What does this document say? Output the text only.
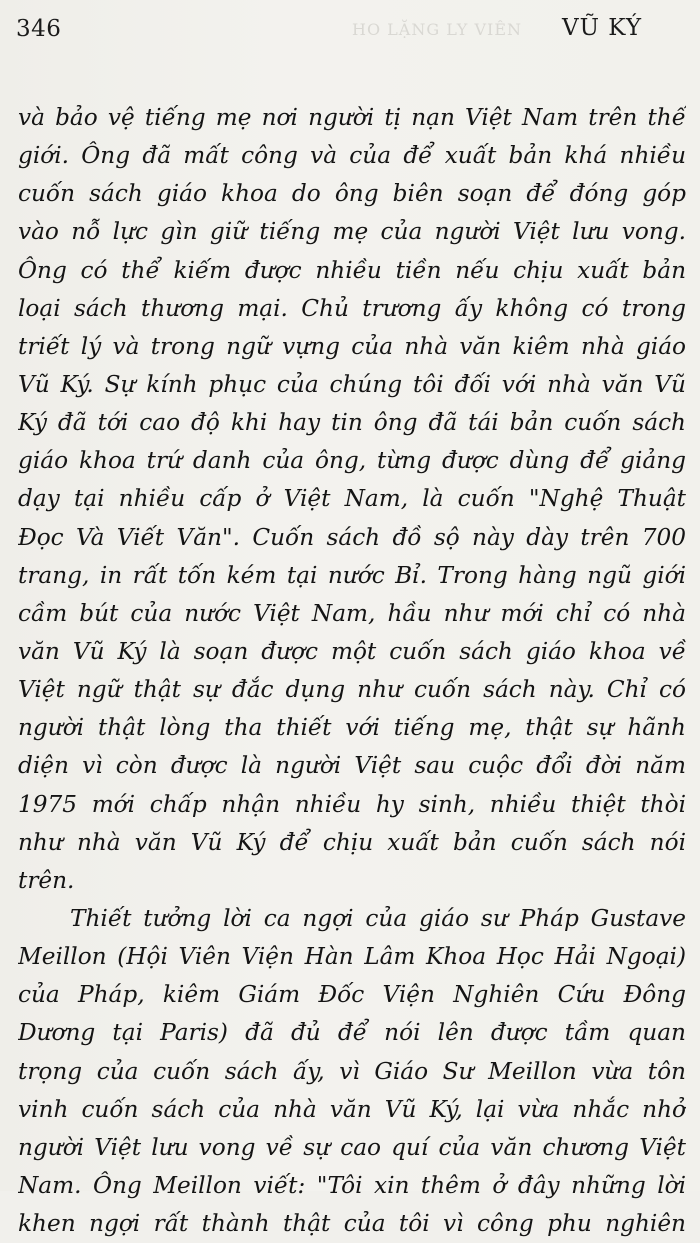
346	HO LẶNG LY VIÊN VŨ KÝ
và bảo vệ tiếng mẹ nơi người tị nạn Việt Nam trên thế
giới. Ông đã mất công và của để xuất bản khá nhiều
cuốn sách giáo khoa do ông biên soạn để đóng góp
vào nỗ lực gìn giữ tiếng mẹ của người Việt lưu vong.
Ông có thể kiếm được nhiều tiền nếu chịu xuất bản
loại sách thương mại. Chủ trương ấy không có trong
triết lý và trong ngữ vựng của nhà văn kiêm nhà giáo
Vũ Ký. Sự kính phục của chúng tôi đối với nhà văn Vũ
Ký đã tới cao độ khi hay tin ông đã tái bản cuốn sách
giáo khoa trứ danh của ông, từng được dùng để giảng
dạy tại nhiều cấp ở Việt Nam, là cuốn "Nghệ Thuật
Đọc Và Viết Văn". Cuốn sách đồ sộ này dày trên 700
trang, in rất tốn kém tại nước Bỉ. Trong hàng ngũ giới
cầm bút của nước Việt Nam, hầu như mới chỉ có nhà
văn Vũ Ký là soạn được một cuốn sách giáo khoa về
Việt ngữ thật sự đắc dụng như cuốn sách này. Chỉ có
người thật lòng tha thiết với tiếng mẹ, thật sự hãnh
diện vì còn được là người Việt sau cuộc đổi đời năm
1975 mới chấp nhận nhiều hy sinh, nhiều thiệt thòi
như nhà văn Vũ Ký để chịu xuất bản cuốn sách nói
trên.
Thiết tưởng lời ca ngợi của giáo sư Pháp Gustave
Meillon (Hội Viên Viện Hàn Lâm Khoa Học Hải Ngoại)
của Pháp, kiêm Giám Đốc Viện Nghiên Cứu Đông
Dương tại Paris) đã đủ để nói lên được tầm quan
trọng của cuốn sách ấy, vì Giáo Sư Meillon vừa tôn
vinh cuốn sách của nhà văn Vũ Ký, lại vừa nhắc nhở
người Việt lưu vong về sự cao quí của văn chương Việt
Nam. Ông Meillon viết: "Tôi xin thêm ở đây những lời
khen ngợi rất thành thật của tôi vì công phu nghiên
